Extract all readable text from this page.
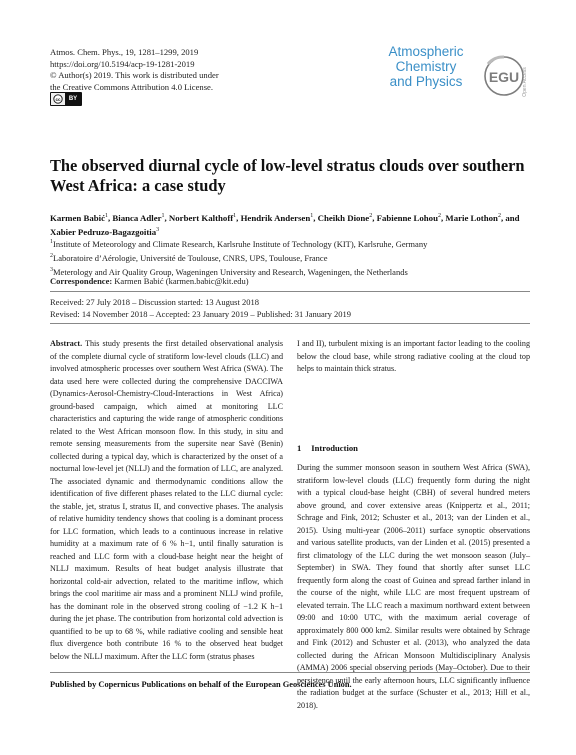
Atmos. Chem. Phys., 19, 1281–1299, 2019
https://doi.org/10.5194/acp-19-1281-2019
© Author(s) 2019. This work is distributed under
the Creative Commons Attribution 4.0 License.
cc	BY
Atmospheric
Chemistry
and Physics	EGU Open Access
The observed diurnal cycle of low-level stratus clouds over southern West Africa: a case study
Karmen Babić$^1$, Bianca Adler$^1$, Norbert Kalthoff$^1$, Hendrik Andersen$^1$, Cheikh Dione$^2$, Fabienne Lohou$^2$, Marie Lothon$^2$, and Xabier Pedruzo-Bagazgoitia$^3$
$^1$Institute of Meteorology and Climate Research, Karlsruhe Institute of Technology (KIT), Karlsruhe, Germany
$^2$Laboratoire d’Aérologie, Université de Toulouse, CNRS, UPS, Toulouse, France
$^3$Meterology and Air Quality Group, Wageningen University and Research, Wageningen, the Netherlands
Correspondence: Karmen Babić (karmen.babic@kit.edu)
Received: 27 July 2018 – Discussion started: 13 August 2018
Revised: 14 November 2018 – Accepted: 23 January 2019 – Published: 31 January 2019

Abstract. This study presents the first detailed observational analysis of the complete diurnal cycle of stratiform low-level clouds (LLC) and involved atmospheric processes over southern West Africa (SWA). The data used here were collected during the comprehensive DACCIWA (Dynamics-Aerosol-Chemistry-Cloud-Interactions in West Africa) ground-based campaign, which aimed at monitoring LLC characteristics and capturing the wide range of atmospheric conditions related to the West African monsoon flow. In this study, in situ and remote sensing measurements from the supersite near Savè (Benin) collected during a typical day, which is characterized by the onset of a nocturnal low-level jet (NLLJ) and the formation of LLC, are analyzed. The associated dynamic and thermodynamic conditions allow the identification of five different phases related to the LLC diurnal cycle: the stable, jet, stratus I, stratus II, and convective phases. The analysis of relative humidity tendency shows that cooling is a dominant process for LLC formation, which leads to a continuous increase in relative humidity at a maximum rate of 6 % h−1, until finally saturation is reached and LLC form with a cloud-base height near the height of NLLJ maximum. Results of heat budget analysis illustrate that horizontal cold-air advection, related to the maritime inflow, which brings the cool maritime air mass and a prominent NLLJ wind profile, has the dominant role in the observed strong cooling of −1.2 K h−1 during the jet phase. The contribution from horizontal cold advection is quantified to be up to 68 %, while radiative cooling and sensible heat flux divergence both contribute 16 % to the observed heat budget below the NLLJ maximum. After the LLC form (stratus phases

I and II), turbulent mixing is an important factor leading to the cooling below the cloud base, while strong radiative cooling at the cloud top helps to maintain thick stratus.

1 Introduction

During the summer monsoon season in southern West Africa (SWA), stratiform low-level clouds (LLC) frequently form during the night with a typical cloud-base height (CBH) of several hundred meters above ground, and cover extensive areas (Knippertz et al., 2011; Schrage and Fink, 2012; Schuster et al., 2013; van der Linden et al., 2015). Using multi-year (2006–2011) surface synoptic observations and various satellite products, van der Linden et al. (2015) presented a first climatology of the LLC during the wet monsoon season (July–September) in SWA. They found that shortly after sunset LLC frequently form along the coast of Guinea and spread farther inland in the course of the night, while LLC are most frequent upstream of elevated terrain. The LLC reach a maximum northward extent between 09:00 and 10:00 UTC, with the maximum aerial coverage of approximately 800 000 km2. Similar results were obtained by Schrage and Fink (2012) and Schuster et al. (2013), who analyzed the data collected during the African Monsoon Multidisciplinary Analysis (AMMA) 2006 special observing periods (May–October). Due to their persistence until the early afternoon hours, LLC significantly influence the radiation budget at the surface (Schuster et al., 2013; Hill et al., 2018).

Published by Copernicus Publications on behalf of the European Geosciences Union.
